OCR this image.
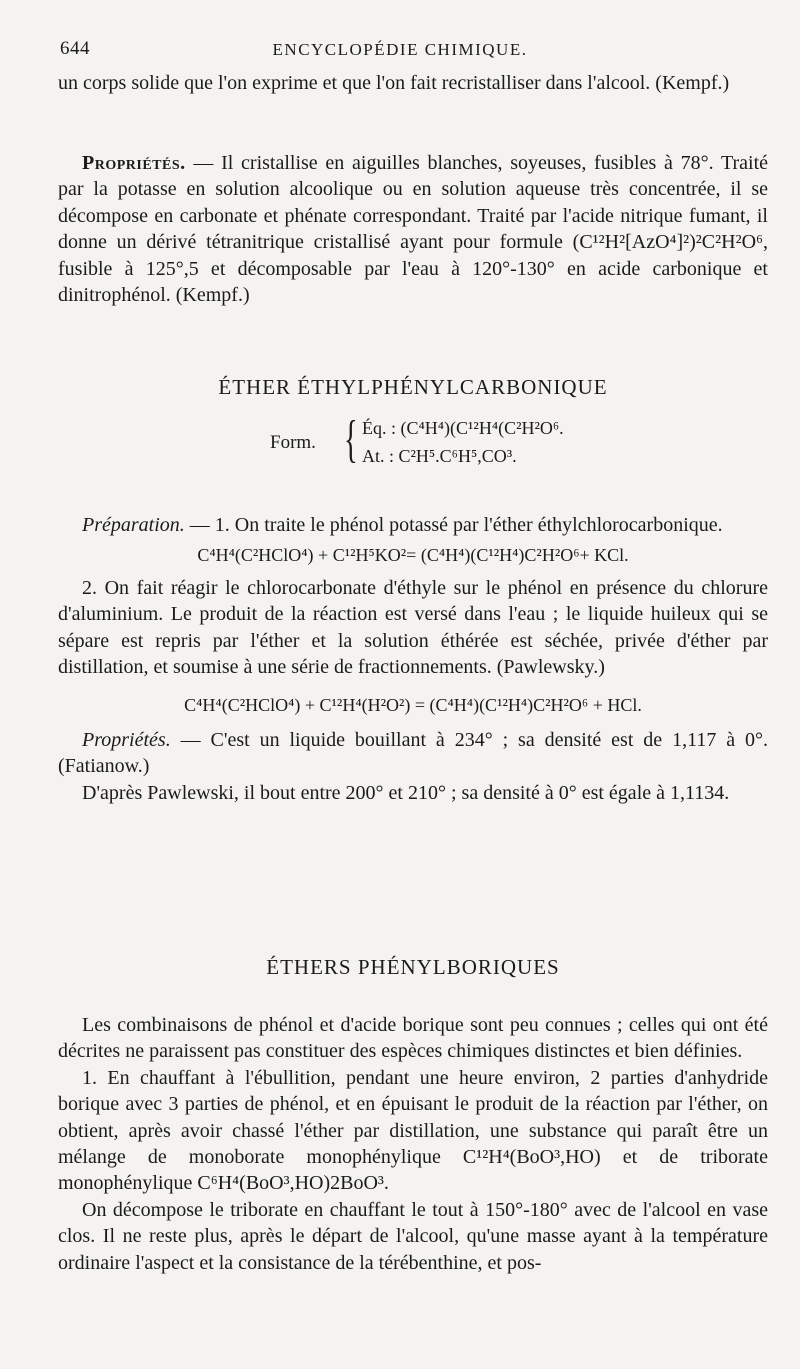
644	ENCYCLOPÉDIE CHIMIQUE.

un corps solide que l'on exprime et que l'on fait recristalliser dans l'alcool. (Kempf.)

Propriétés. — Il cristallise en aiguilles blanches, soyeuses, fusibles à 78°. Traité par la potasse en solution alcoolique ou en solution aqueuse très concentrée, il se décompose en carbonate et phénate correspondant. Traité par l'acide nitrique fumant, il donne un dérivé tétranitrique cristallisé ayant pour formule (C¹²H²[AzO⁴]²)²C²H²O⁶, fusible à 125°,5 et décomposable par l'eau à 120°-130° en acide carbonique et dinitrophénol. (Kempf.)

ÉTHER ÉTHYLPHÉNYLCARBONIQUE
Form. { Éq. : (C⁴H⁴)(C¹²H⁴(C²H²O⁶.
At. : C²H⁵.C⁶H⁵,CO³.

Préparation. — 1. On traite le phénol potassé par l'éther éthylchlorocarbonique.

C⁴H⁴(C²HClO⁴) + C¹²H⁵KO²= (C⁴H⁴)(C¹²H⁴)C²H²O⁶+ KCl.

2. On fait réagir le chlorocarbonate d'éthyle sur le phénol en présence du chlorure d'aluminium. Le produit de la réaction est versé dans l'eau ; le liquide huileux qui se sépare est repris par l'éther et la solution éthérée est séchée, privée d'éther par distillation, et soumise à une série de fractionnements. (Pawlewsky.)

C⁴H⁴(C²HClO⁴) + C¹²H⁴(H²O²) = (C⁴H⁴)(C¹²H⁴)C²H²O⁶ + HCl.

Propriétés. — C'est un liquide bouillant à 234° ; sa densité est de 1,117 à 0°. (Fatianow.)

D'après Pawlewski, il bout entre 200° et 210° ; sa densité à 0° est égale à 1,1134.

ÉTHERS PHÉNYLBORIQUES

Les combinaisons de phénol et d'acide borique sont peu connues ; celles qui ont été décrites ne paraissent pas constituer des espèces chimiques distinctes et bien définies.

1. En chauffant à l'ébullition, pendant une heure environ, 2 parties d'anhydride borique avec 3 parties de phénol, et en épuisant le produit de la réaction par l'éther, on obtient, après avoir chassé l'éther par distillation, une substance qui paraît être un mélange de monoborate monophénylique C¹²H⁴(BoO³,HO) et de triborate monophénylique C⁶H⁴(BoO³,HO)2BoO³.

On décompose le triborate en chauffant le tout à 150°-180° avec de l'alcool en vase clos. Il ne reste plus, après le départ de l'alcool, qu'une masse ayant à la température ordinaire l'aspect et la consistance de la térébenthine, et pos-
